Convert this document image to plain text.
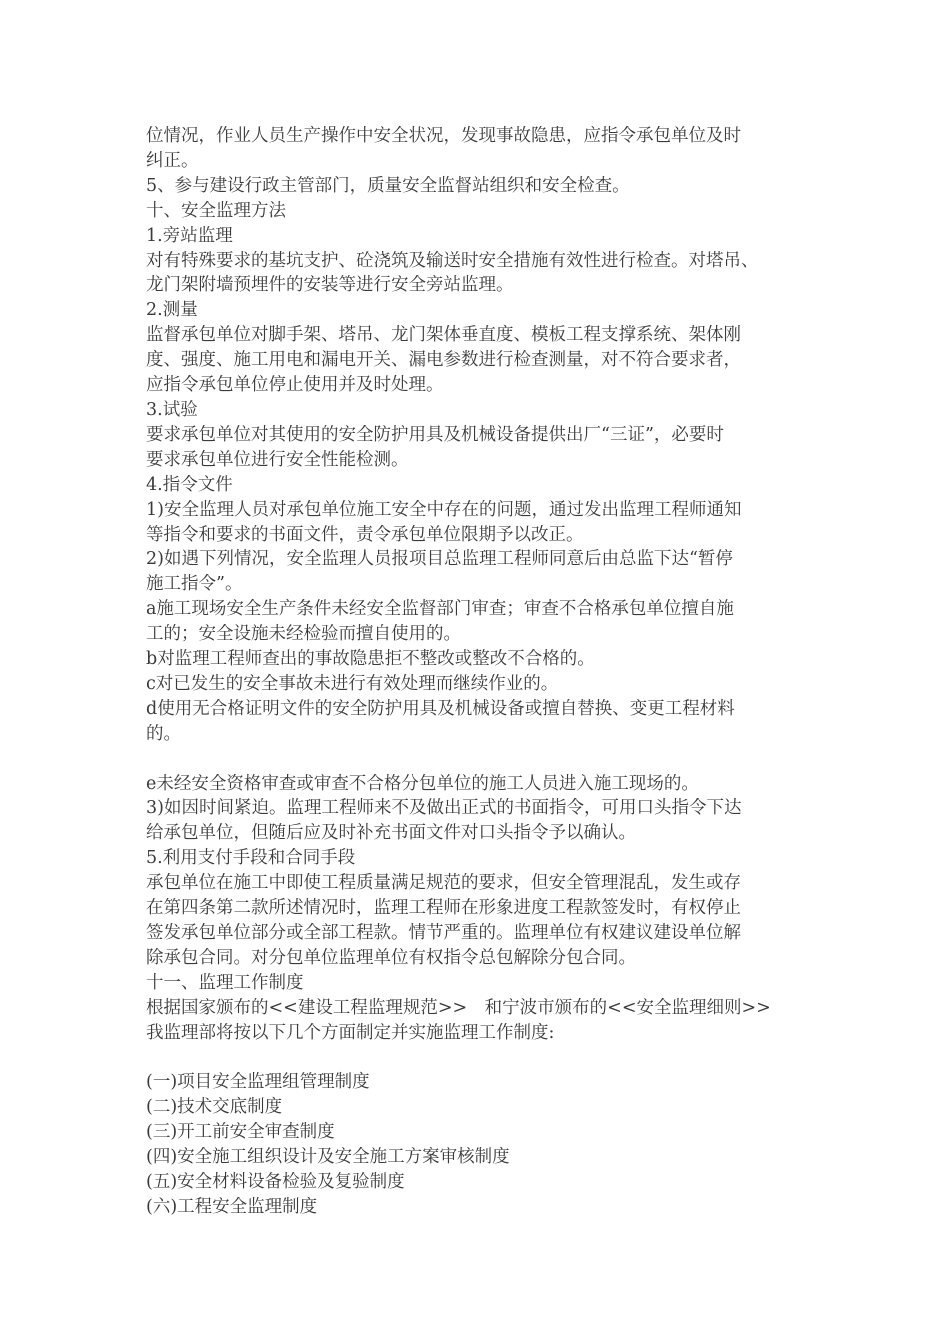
位情况，作业人员生产操作中安全状况，发现事故隐患，应指令承包单位及时

纠正。

5、参与建设行政主管部门，质量安全监督站组织和安全检查。

十、安全监理方法

1.旁站监理

对有特殊要求的基坑支护、砼浇筑及输送时安全措施有效性进行检查。对塔吊、

龙门架附墙预埋件的安装等进行安全旁站监理。

2.测量

监督承包单位对脚手架、塔吊、龙门架体垂直度、模板工程支撑系统、架体刚

度、强度、施工用电和漏电开关、漏电参数进行检查测量，对不符合要求者，

应指令承包单位停止使用并及时处理。

3.试验

要求承包单位对其使用的安全防护用具及机械设备提供出厂“三证”，必要时

要求承包单位进行安全性能检测。

4.指令文件

1)安全监理人员对承包单位施工安全中存在的问题，通过发出监理工程师通知

等指令和要求的书面文件，责令承包单位限期予以改正。

2)如遇下列情况，安全监理人员报项目总监理工程师同意后由总监下达“暂停

施工指令”。

a施工现场安全生产条件未经安全监督部门审查；审查不合格承包单位擅自施

工的；安全设施未经检验而擅自使用的。

b对监理工程师查出的事故隐患拒不整改或整改不合格的。

c对已发生的安全事故未进行有效处理而继续作业的。

d使用无合格证明文件的安全防护用具及机械设备或擅自替换、变更工程材料

的。

e未经安全资格审查或审查不合格分包单位的施工人员进入施工现场的。

3)如因时间紧迫。监理工程师来不及做出正式的书面指令，可用口头指令下达

给承包单位，但随后应及时补充书面文件对口头指令予以确认。

5.利用支付手段和合同手段

承包单位在施工中即使工程质量满足规范的要求，但安全管理混乱，发生或存

在第四条第二款所述情况时，监理工程师在形象进度工程款签发时，有权停止

签发承包单位部分或全部工程款。情节严重的。监理单位有权建议建设单位解

除承包合同。对分包单位监理单位有权指令总包解除分包合同。

十一、监理工作制度

根据国家颁布的<<建设工程监理规范>>　和宁波市颁布的<<安全监理细则>>

我监理部将按以下几个方面制定并实施监理工作制度:

(一)项目安全监理组管理制度

(二)技术交底制度

(三)开工前安全审查制度

(四)安全施工组织设计及安全施工方案审核制度

(五)安全材料设备检验及复验制度

(六)工程安全监理制度
